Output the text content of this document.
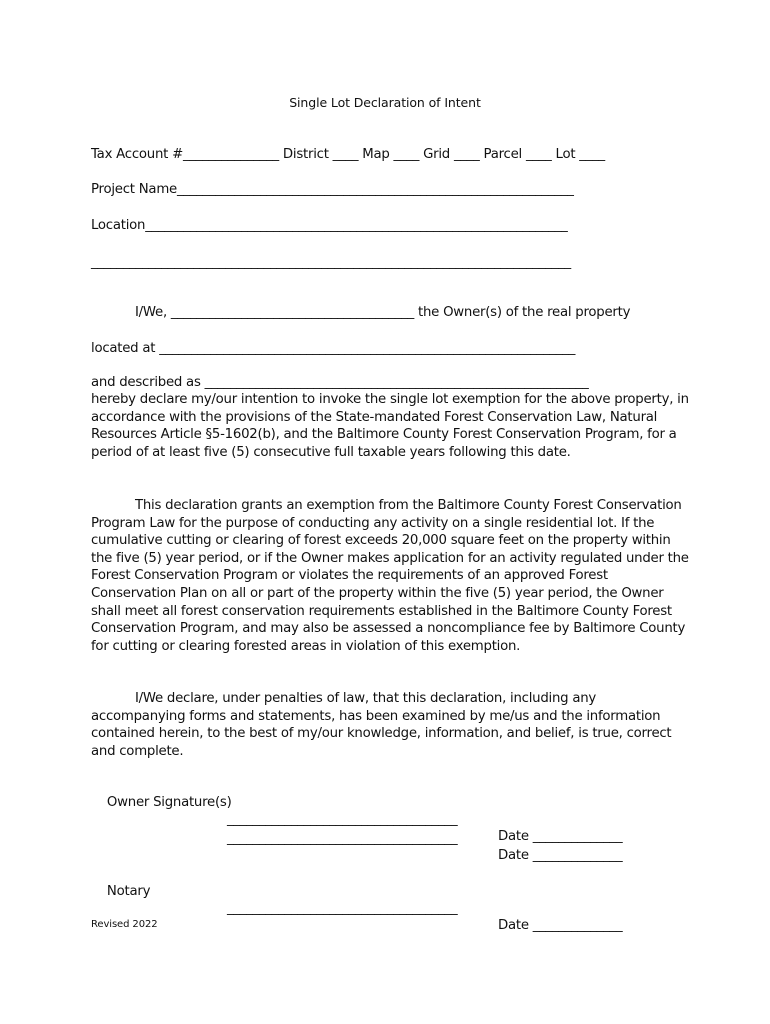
Single Lot Declaration of Intent
Tax Account #_______________ District ____ Map ____ Grid ____ Parcel ____ Lot ____
Project Name______________________________________________________________
Location__________________________________________________________________
___________________________________________________________________________
I/We, ______________________________________ the Owner(s) of the real property
located at _________________________________________________________________
and described as ____________________________________________________________
hereby declare my/our intention to invoke the single lot exemption for the above property, in accordance with the provisions of the State-mandated Forest Conservation Law, Natural Resources Article §5-1602(b), and the Baltimore County Forest Conservation Program, for a period of at least five (5) consecutive full taxable years following this date.
This declaration grants an exemption from the Baltimore County Forest Conservation Program Law for the purpose of conducting any activity on a single residential lot. If the cumulative cutting or clearing of forest exceeds 20,000 square feet on the property within the five (5) year period, or if the Owner makes application for an activity regulated under the Forest Conservation Program or violates the requirements of an approved Forest Conservation Plan on all or part of the property within the five (5) year period, the Owner shall meet all forest conservation requirements established in the Baltimore County Forest Conservation Program, and may also be assessed a noncompliance fee by Baltimore County for cutting or clearing forested areas in violation of this exemption.
I/We declare, under penalties of law, that this declaration, including any accompanying forms and statements, has been examined by me/us and the information contained herein, to the best of my/our knowledge, information, and belief, is true, correct and complete.

Owner Signature(s)

____________________________________

Date ______________

____________________________________

Date ______________

Notary

____________________________________

Date ______________

Revised 2022
